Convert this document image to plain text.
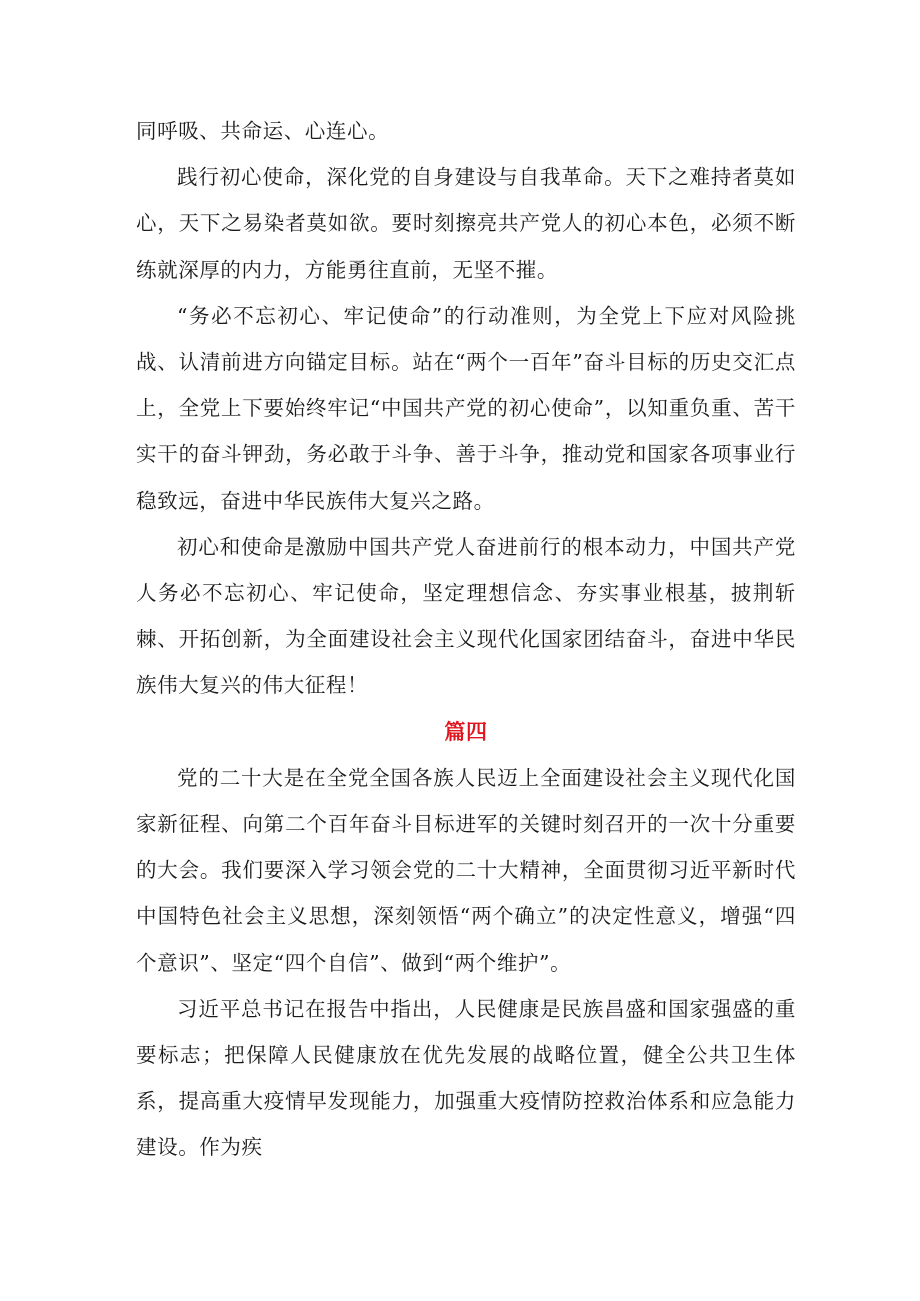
同呼吸、共命运、心连心。

践行初心使命，深化党的自身建设与自我革命。天下之难持者莫如心，天下之易染者莫如欲。要时刻擦亮共产党人的初心本色，必须不断练就深厚的内力，方能勇往直前，无坚不摧。

“务必不忘初心、牢记使命”的行动准则，为全党上下应对风险挑战、认清前进方向锚定目标。站在“两个一百年”奋斗目标的历史交汇点上，全党上下要始终牢记“中国共产党的初心使命”，以知重负重、苦干实干的奋斗钾劲，务必敢于斗争、善于斗争，推动党和国家各项事业行稳致远，奋进中华民族伟大复兴之路。

初心和使命是激励中国共产党人奋进前行的根本动力，中国共产党人务必不忘初心、牢记使命，坚定理想信念、夯实事业根基，披荆斩棘、开拓创新，为全面建设社会主义现代化国家团结奋斗，奋进中华民族伟大复兴的伟大征程！

篇四

党的二十大是在全党全国各族人民迈上全面建设社会主义现代化国家新征程、向第二个百年奋斗目标进军的关键时刻召开的一次十分重要的大会。我们要深入学习领会党的二十大精神，全面贯彻习近平新时代中国特色社会主义思想，深刻领悟“两个确立”的决定性意义，增强“四个意识”、坚定“四个自信”、做到“两个维护”。

习近平总书记在报告中指出，人民健康是民族昌盛和国家强盛的重要标志；把保障人民健康放在优先发展的战略位置，健全公共卫生体系，提高重大疫情早发现能力，加强重大疫情防控救治体系和应急能力建设。作为疾
